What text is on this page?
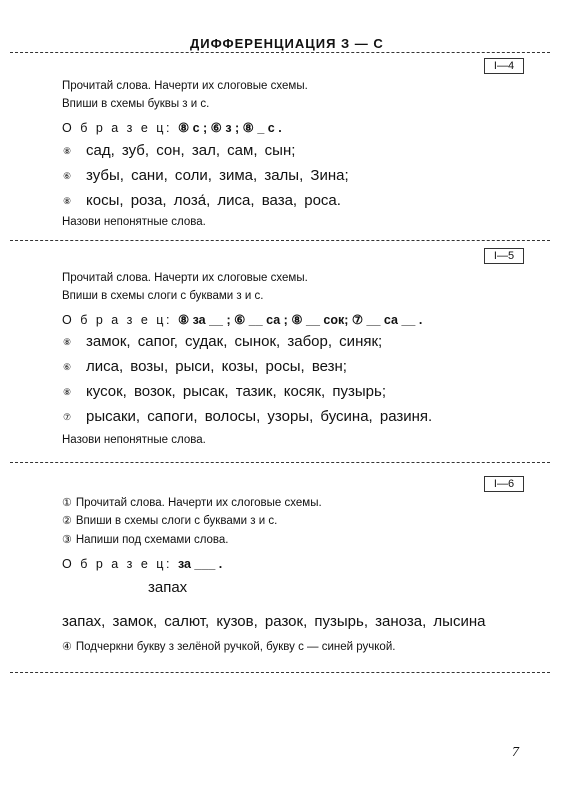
ДИФФЕРЕНЦИАЦИЯ З — С
I—4
Прочитай слова. Начерти их слоговые схемы.
Впиши в схемы буквы з и с.
О б р а з е ц: ⑧ с ; ⑥ з ; ⑧ _ с .
⑧ сад, зуб, сон, зал, сам, сын;
⑥ зубы, сани, соли, зима, залы, Зина;
⑧ косы, роза, лоза́, лиса, ваза, роса.
Назови непонятные слова.
I—5
Прочитай слова. Начерти их слоговые схемы.
Впиши в схемы слоги с буквами з и с.
О б р а з е ц: ⑧ за __ ; ⑥ __ са ; ⑧ __ сок; ⑦ __ са __ .
⑧ замок, сапог, судак, сынок, забор, синяк;
⑥ лиса, возы, рыси, козы, росы, везн;
⑧ кусок, возок, рысак, тазик, косяк, пузырь;
⑦ рысаки, сапоги, волосы, узоры, бусина, разиня.
Назови непонятные слова.
I—6
① Прочитай слова. Начерти их слоговые схемы.
② Впиши в схемы слоги с буквами з и с.
③ Напиши под схемами слова.
О б р а з е ц: за ___ .
запах
запах, замок, салют, кузов, разок, пузырь, заноза, лысина
④ Подчеркни букву з зелёной ручкой, букву с — синей ручкой.
7
